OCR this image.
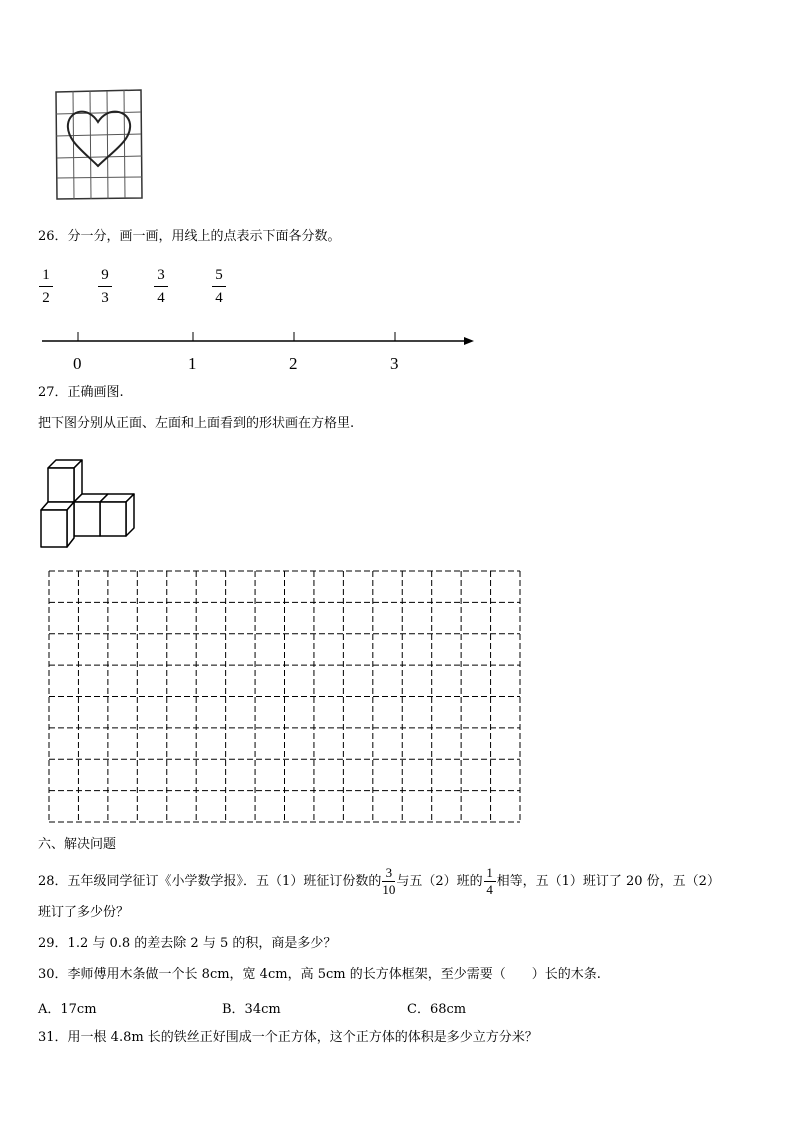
26．分一分，画一画，用线上的点表示下面各分数。
1
2
9
3
3
4
5
4
0	1	2	3
27．正确画图.
把下图分别从正面、左面和上面看到的形状画在方格里.
六、解决问题
28．五年级同学征订《小学数学报》．五（1）班征订份数的 $\frac{3}{10}$ 与五（2）班的 $\frac{1}{4}$ 相等，五（1）班订了 20 份，五（2）
班订了多少份？
29．1.2 与 0.8 的差去除 2 与 5 的积，商是多少？
30．李师傅用木条做一个长 8cm，宽 4cm，高 5cm 的长方体框架，至少需要（　　）长的木条.
A．17cm	B．34cm	C．68cm
31．用一根 4.8m 长的铁丝正好围成一个正方体，这个正方体的体积是多少立方分米？
